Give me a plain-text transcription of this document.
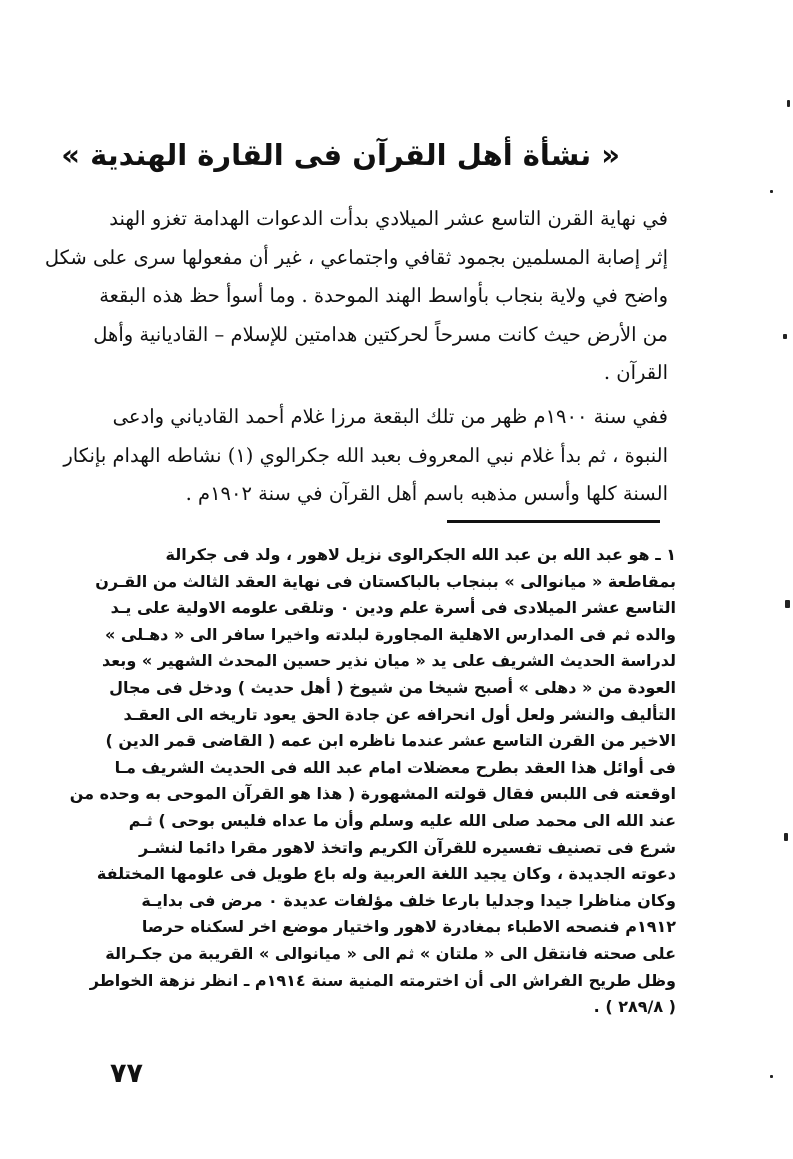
« نشأة أهل القرآن فى القارة الهندية »
في نهاية القرن التاسع عشر الميلادي بدأت الدعوات الهدامة تغزو الهند
إثر إصابة المسلمين بجمود ثقافي واجتماعي ، غير أن مفعولها سرى على شكل
واضح في ولاية بنجاب بأواسط الهند الموحدة . وما أسوأ حظ هذه البقعة
من الأرض حيث كانت مسرحاً لحركتين هدامتين للإسلام – القاديانية وأهل
القرآن .
ففي سنة ١٩٠٠م ظهر من تلك البقعة مرزا غلام أحمد القادياني وادعى
النبوة ، ثم بدأ غلام نبي المعروف بعبد الله جكرالوي (١) نشاطه الهدام بإنكار
السنة كلها وأسس مذهبه باسم أهل القرآن في سنة ١٩٠٢م .
١ ـ هو عبد الله بن عبد الله الجكرالوى نزيل لاهور ، ولد فى جكرالة
بمقاطعة « ميانوالى » ببنجاب بالباكستان فى نهاية العقد الثالث من القـرن
التاسع عشر الميلادى فى أسرة علم ودين ٠ وتلقى علومه الاولية على يـد
والده ثم فى المدارس الاهلية المجاورة لبلدته واخيرا سافر الى « دهـلى »
لدراسة الحديث الشريف على يد « ميان نذير حسين المحدث الشهير » وبعد
العودة من « دهلى » أصبح شيخا من شيوخ ( أهل حديث ) ودخل فى مجال
التأليف والنشر ولعل أول انحرافه عن جادة الحق يعود تاريخه الى العقـد
الاخير من القرن التاسع عشر عندما ناظره ابن عمه ( القاضى قمر الدين )
فى أوائل هذا العقد بطرح معضلات امام عبد الله فى الحديث الشريف مـا
اوقعته فى اللبس فقال قولته المشهورة ( هذا هو القرآن الموحى به وحده من
عند الله الى محمد صلى الله عليه وسلم وأن ما عداه فليس بوحى ) ثـم
شرع فى تصنيف تفسيره للقرآن الكريم واتخذ لاهور مقرا دائما لنشـر
دعوته الجديدة ، وكان يجيد اللغة العربية وله باع طويل فى علومها المختلفة
وكان مناظرا جيدا وجدليا بارعا خلف مؤلفات عديدة ٠ مرض فى بدايـة
١٩١٢م فنصحه الاطباء بمغادرة لاهور واختيار موضع اخر لسكناه حرصا
على صحته فانتقل الى « ملتان » ثم الى « ميانوالى » القريبة من جكـرالة
وظل طريح الفراش الى أن اخترمته المنية سنة ١٩١٤م ـ انظر نزهة الخواطر
( ٢٨٩/٨ ) .
٧٧
